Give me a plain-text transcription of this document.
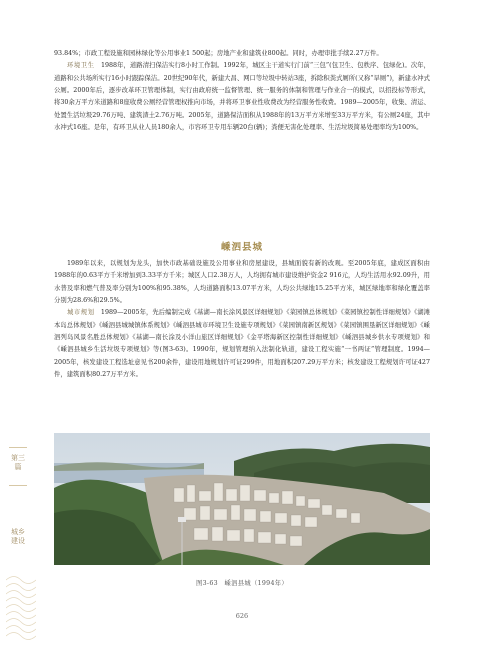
第三篇
城乡建设

93.84%；市政工程设施和园林绿化等公用事业1 500起；房地产业和建筑业800起。同时，办理审批手续2.27万件。

环境卫生　 1988年，道路清扫保洁实行8小时工作制。1992年，城区主干道实行门前“三包”(包卫生、包秩序、包绿化)。次年，道路和公共场所实行16小时跟踪保洁。20世纪90年代，新建大昌、网口等垃圾中转站3座，拆除积粪式厕所(又称“旱厕”)，新建水冲式公厕。2000年后，逐步改革环卫管理体制，实行由政府统一监督管理、统一服务的体制和管理与作业合一的模式，以招投标等形式，将30余万平方米道路和8座收费公厕经营管理权推向市场，并将环卫事业性收费改为经营服务性收费。1989—2005年，收集、清运、处置生活垃圾29.76万吨、建筑渣土2.76万吨。2005年，道路保洁面积从1988年的13万平方米增至33万平方米，有公厕24座，其中水冲式16座。是年，有环卫从业人员180余人，市容环卫专用车辆20台(辆)；粪便无害化处理率、生活垃圾简易处理率均为100%。

嵊泗县城

1989年以来，以规划为龙头，加快市政基础设施及公用事业和房屋建设，县城面貌有新的改观。至2005年底，建成区面积由1988年的0.63平方千米增加到3.33平方千米；城区人口2.38万人，人均拥有城市建设维护资金2 916元，人均生活用水92.09升，用水普及率和燃气普及率分别为100%和95.38%，人均道路面积13.07平方米，人均公共绿地15.25平方米，城区绿地率和绿化覆盖率分别为28.6%和29.5%。

城市规划　 1989—2005年，先后编制完成《基湖—南长涂风景区详细规划》《菜园镇总体规划》《菜园镇控制性详细规划》《湖滩本岛总体规划》《嵊泗县城城镇体系规划》《嵊泗县城市环境卫生设施专项规划》《菜园镇南新区规划》《菜园镇围垦新区详细规划》《嵊泗列岛风景名胜总体规划》《基湖—南长涂及小洋山旅区详细规划》《金平塔海新区控制性详细规划》《嵊泗县城乡供水专项规划》和《嵊泗县城乡生活垃圾专项规划》等(图3-63)。1990年，规划管理纳入法制化轨道，建设工程实施“一书两证”管理制度。1994—2005年，核发建设工程选址意见书200余件，建设用地规划许可证299件，用地面积207.29万平方米；核发建设工程规划许可证427件，建筑面积80.27万平方米。

图3-63　嵊泗县城（1994年）
626
